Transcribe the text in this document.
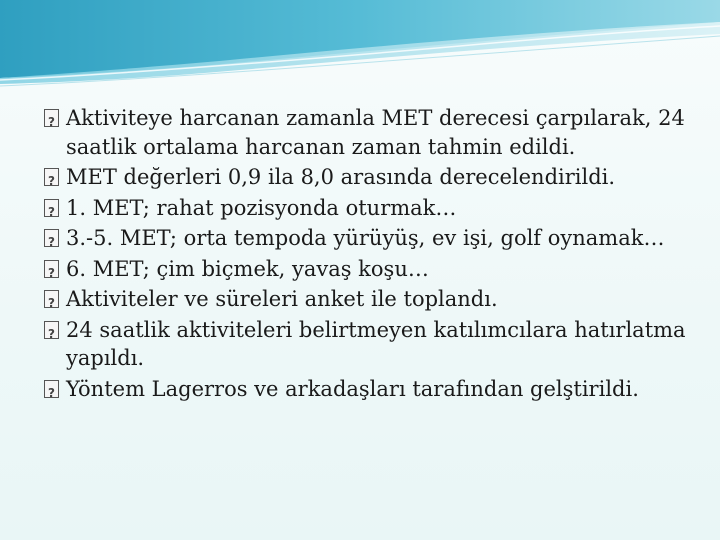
?
Aktiviteye harcanan zamanla MET derecesi çarpılarak, 24 saatlik ortalama harcanan zaman tahmin edildi.
?
MET değerleri 0,9 ila 8,0 arasında derecelendirildi.
?
1. MET; rahat pozisyonda oturmak…
?
3.-5. MET; orta tempoda yürüyüş, ev işi, golf oynamak…
?
6. MET; çim biçmek, yavaş koşu…
?
Aktiviteler ve süreleri anket ile toplandı.
?
24 saatlik aktiviteleri belirtmeyen katılımcılara hatırlatma yapıldı.
?
Yöntem Lagerros ve arkadaşları tarafından gelştirildi.
